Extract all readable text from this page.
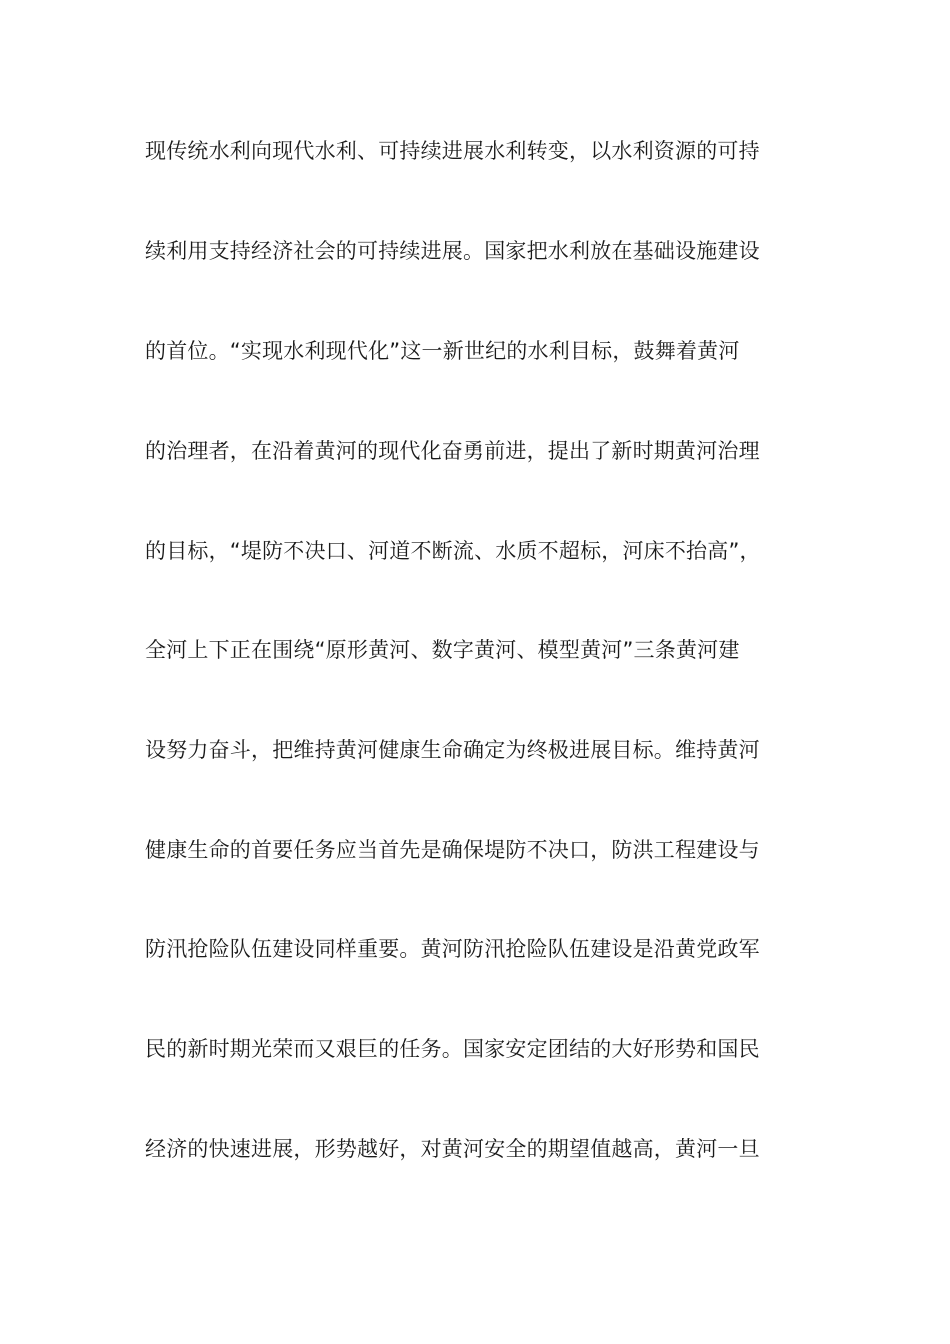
现传统水利向现代水利、可持续进展水利转变，以水利资源的可持
续利用支持经济社会的可持续进展。国家把水利放在基础设施建设
的首位。“实现水利现代化”这一新世纪的水利目标，鼓舞着黄河
的治理者，在沿着黄河的现代化奋勇前进，提出了新时期黄河治理
的目标，“堤防不决口、河道不断流、水质不超标，河床不抬高”，
全河上下正在围绕“原形黄河、数字黄河、模型黄河”三条黄河建
设努力奋斗，把维持黄河健康生命确定为终极进展目标。维持黄河
健康生命的首要任务应当首先是确保堤防不决口，防洪工程建设与
防汛抢险队伍建设同样重要。黄河防汛抢险队伍建设是沿黄党政军
民的新时期光荣而又艰巨的任务。国家安定团结的大好形势和国民
经济的快速进展，形势越好，对黄河安全的期望值越高，黄河一旦
